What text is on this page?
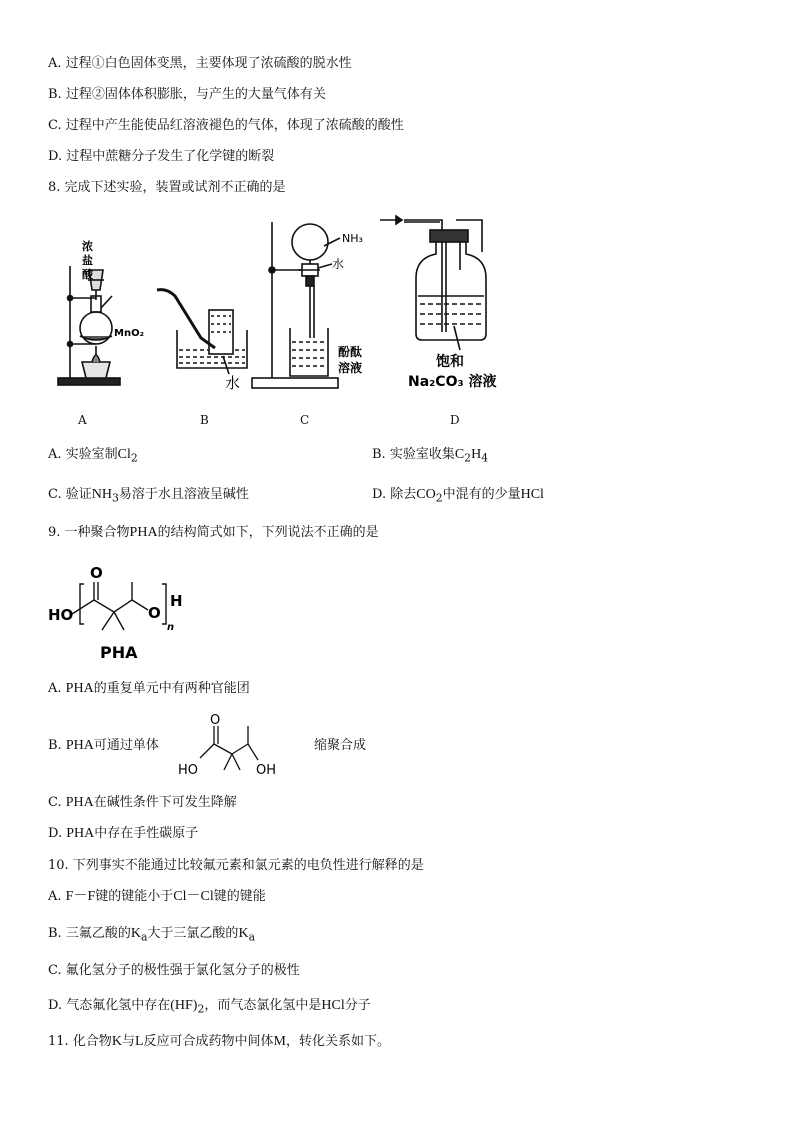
A. 过程①白色固体变黑，主要体现了浓硫酸的脱水性
B. 过程②固体体积膨胀，与产生的大量气体有关
C. 过程中产生能使品红溶液褪色的气体，体现了浓硫酸的酸性
D. 过程中蔗糖分子发生了化学键的断裂
8. 完成下述实验，装置或试剂不正确的是
浓
盐
酸
MnO₂
A
水
B
NH₃
水
酚酞
溶液
C
饱和
Na₂CO₃ 溶液
D
A. 实验室制$Cl_2$	B. 实验室收集$C_2H_4$
C. 验证$NH_3$易溶于水且溶液呈碱性	D. 除去$CO_2$中混有的少量HCl
9. 一种聚合物PHA的结构简式如下，下列说法不正确的是
HO
O
O
n
H
PHA
A. PHA的重复单元中有两种官能团
B. PHA可通过单体
O
HO	OH
缩聚合成
C. PHA在碱性条件下可发生降解
D. PHA中存在手性碳原子
10. 下列事实不能通过比较氟元素和氯元素的电负性进行解释的是
A. F－F键的键能小于Cl－Cl键的键能
B. 三氟乙酸的$K_a$大于三氯乙酸的$K_a$
C. 氟化氢分子的极性强于氯化氢分子的极性
D. 气态氟化氢中存在$(HF)_2$，而气态氯化氢中是HCl分子
11. 化合物K与L反应可合成药物中间体M，转化关系如下。
